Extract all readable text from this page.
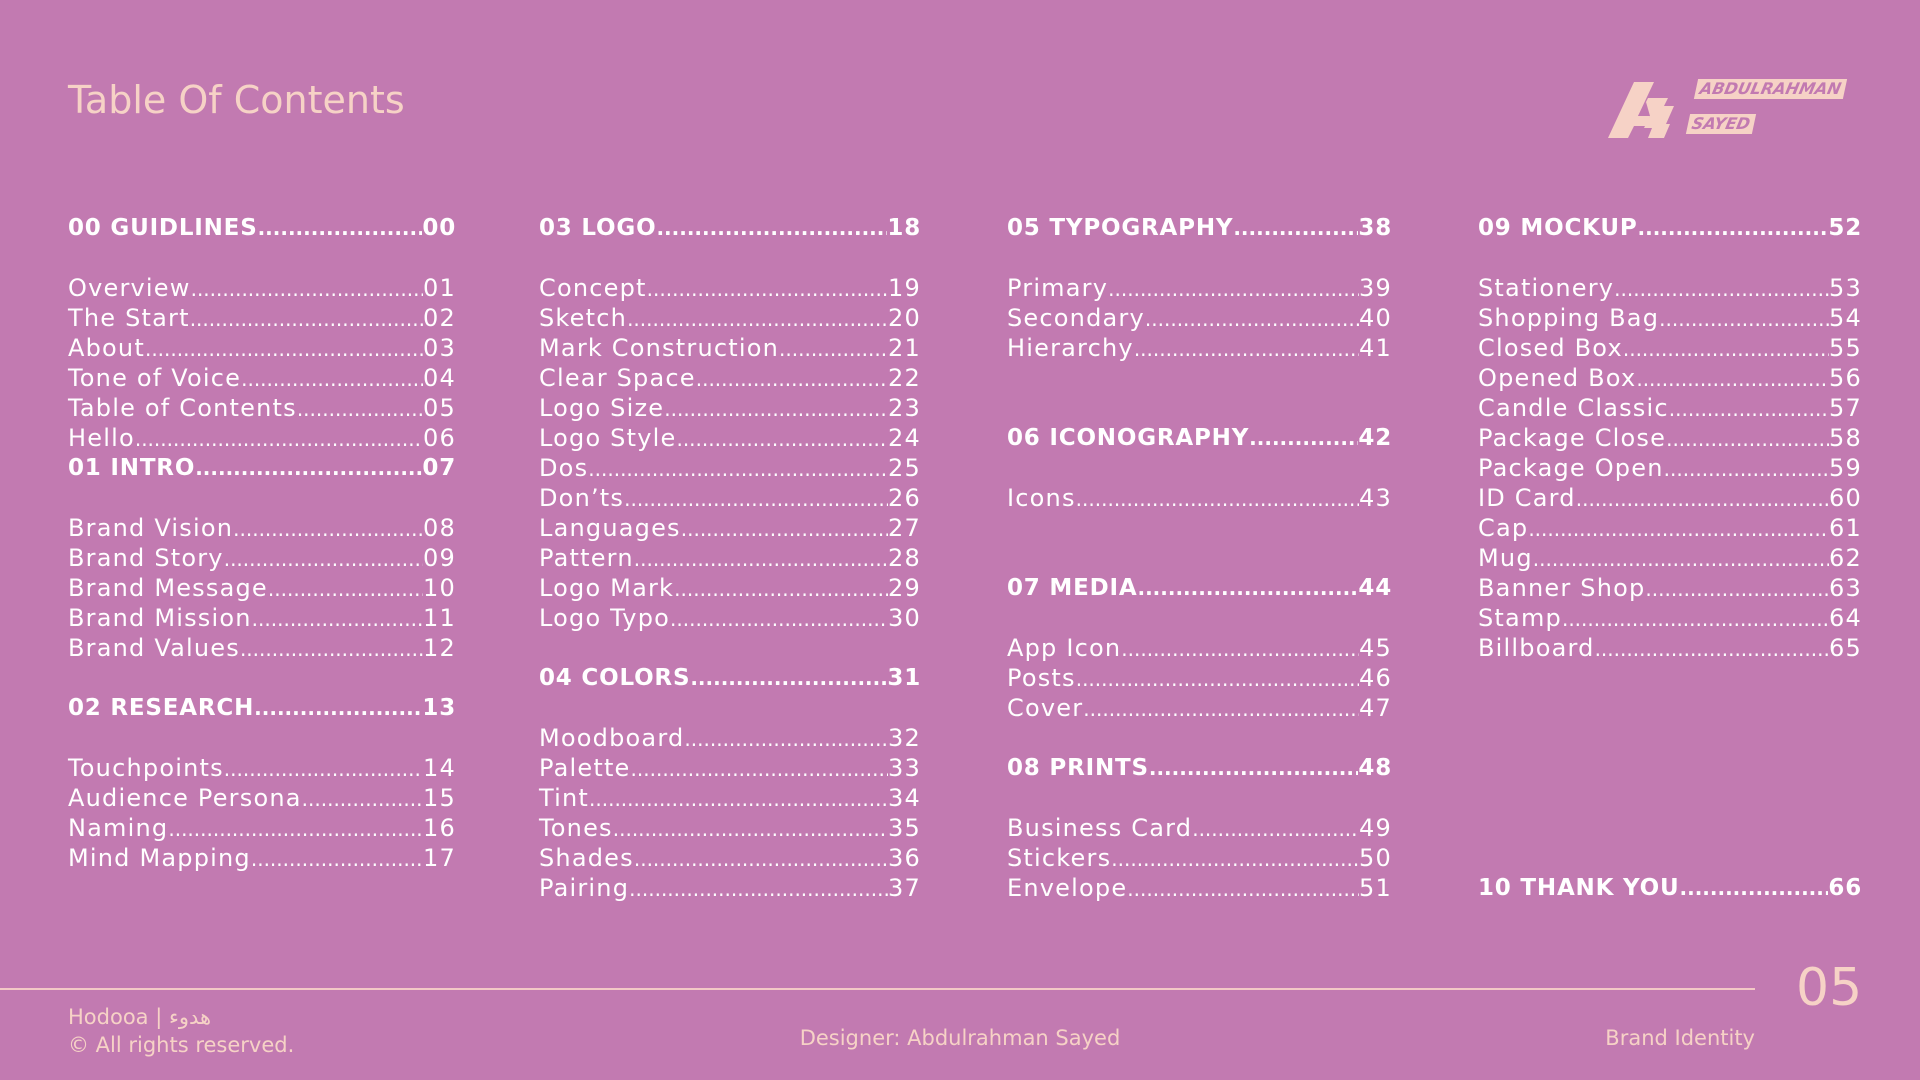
Table Of Contents	ABDULRAHMAN
SAYED
00 GUIDLINES .....	00
Overview .....	01
The Start .....	02
About .....	03
Tone of Voice .....	04
Table of Contents .....	05
Hello .....	06
01 INTRO .....	07
Brand Vision .....	08
Brand Story .....	09
Brand Message .....	10
Brand Mission .....	11
Brand Values .....	12
02 RESEARCH .....	13
Touchpoints .....	14
Audience Persona .....	15
Naming .....	16
Mind Mapping .....	17
03 LOGO .....	18
Concept .....	19
Sketch .....	20
Mark Construction .....	21
Clear Space .....	22
Logo Size .....	23
Logo Style .....	24
Dos .....	25
Don’ts .....	26
Languages .....	27
Pattern .....	28
Logo Mark .....	29
Logo Typo .....	30
04 COLORS .....	31
Moodboard .....	32
Palette .....	33
Tint .....	34
Tones .....	35
Shades .....	36
Pairing .....	37
05 TYPOGRAPHY .....	38
Primary .....	39
Secondary .....	40
Hierarchy .....	41
06 ICONOGRAPHY .....	42
Icons .....	43
07 MEDIA .....	44
App Icon .....	45
Posts .....	46
Cover .....	47
08 PRINTS .....	48
Business Card .....	49
Stickers .....	50
Envelope .....	51
09 MOCKUP .....	52
Stationery .....	53
Shopping Bag .....	54
Closed Box .....	55
Opened Box .....	56
Candle Classic .....	57
Package Close .....	58
Package Open .....	59
ID Card .....	60
Cap .....	61
Mug .....	62
Banner Shop .....	63
Stamp .....	64
Billboard .....	65
10 THANK YOU .....	66
05
Hodooa | هدوء
© All rights reserved.	Designer: Abdulrahman Sayed	Brand Identity
